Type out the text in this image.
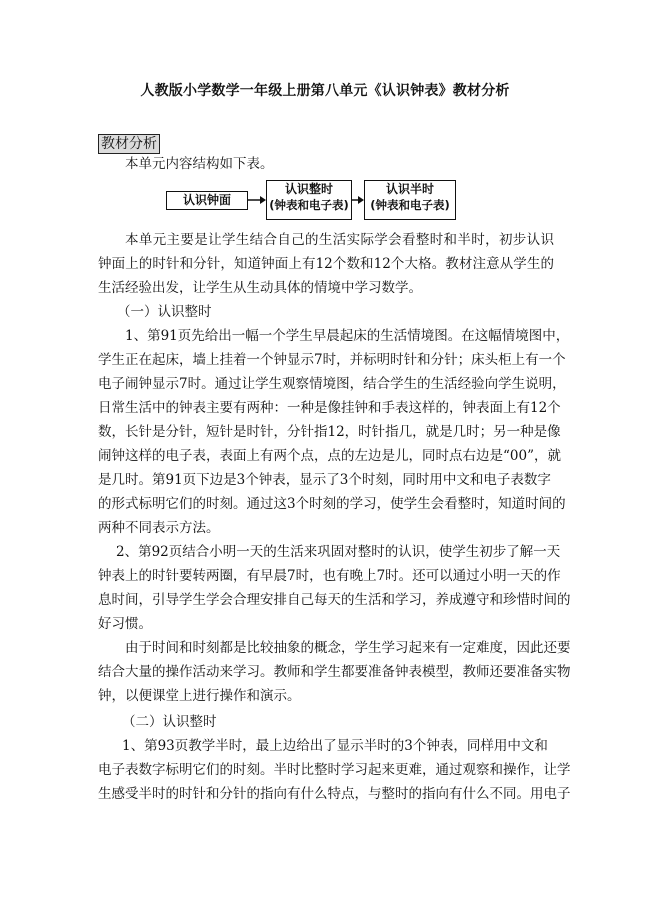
人教版小学数学一年级上册第八单元《认识钟表》教材分析
教材分析
本单元内容结构如下表。
认识钟面
认识整时
(钟表和电子表)
认识半时
(钟表和电子表)
本单元主要是让学生结合自己的生活实际学会看整时和半时，初步认识钟面上的时针和分针，知道钟面上有12个数和12个大格。教材注意从学生的生活经验出发，让学生从生动具体的情境中学习数学。
（一）认识整时
1、第91页先给出一幅一个学生早晨起床的生活情境图。在这幅情境图中，
学生正在起床，墙上挂着一个钟显示7时，并标明时针和分针；床头柜上有一个
电子闹钟显示7时。通过让学生观察情境图，结合学生的生活经验向学生说明，
日常生活中的钟表主要有两种：一种是像挂钟和手表这样的，钟表面上有12个
数，长针是分针，短针是时针，分针指12，时针指几，就是几时；另一种是像
闹钟这样的电子表，表面上有两个点，点的左边是儿，同时点右边是“00”，就
是几时。第91页下边是3个钟表，显示了3个时刻，同时用中文和电子表数字
的形式标明它们的时刻。通过这3个时刻的学习，使学生会看整时，知道时间的
两种不同表示方法。
2、第92页结合小明一天的生活来巩固对整时的认识，使学生初步了解一天
钟表上的时针要转两圈，有早晨7时，也有晚上7时。还可以通过小明一天的作
息时间，引导学生学会合理安排自己每天的生活和学习，养成遵守和珍惜时间的
好习惯。
由于时间和时刻都是比较抽象的概念，学生学习起来有一定难度，因此还要
结合大量的操作活动来学习。教师和学生都要准备钟表模型，教师还要准备实物
钟，以便课堂上进行操作和演示。
（二）认识整时
1、第93页教学半时，最上边给出了显示半时的3个钟表，同样用中文和
电子表数字标明它们的时刻。半时比整时学习起来更难，通过观察和操作，让学
生感受半时的时针和分针的指向有什么特点，与整时的指向有什么不同。用电子
